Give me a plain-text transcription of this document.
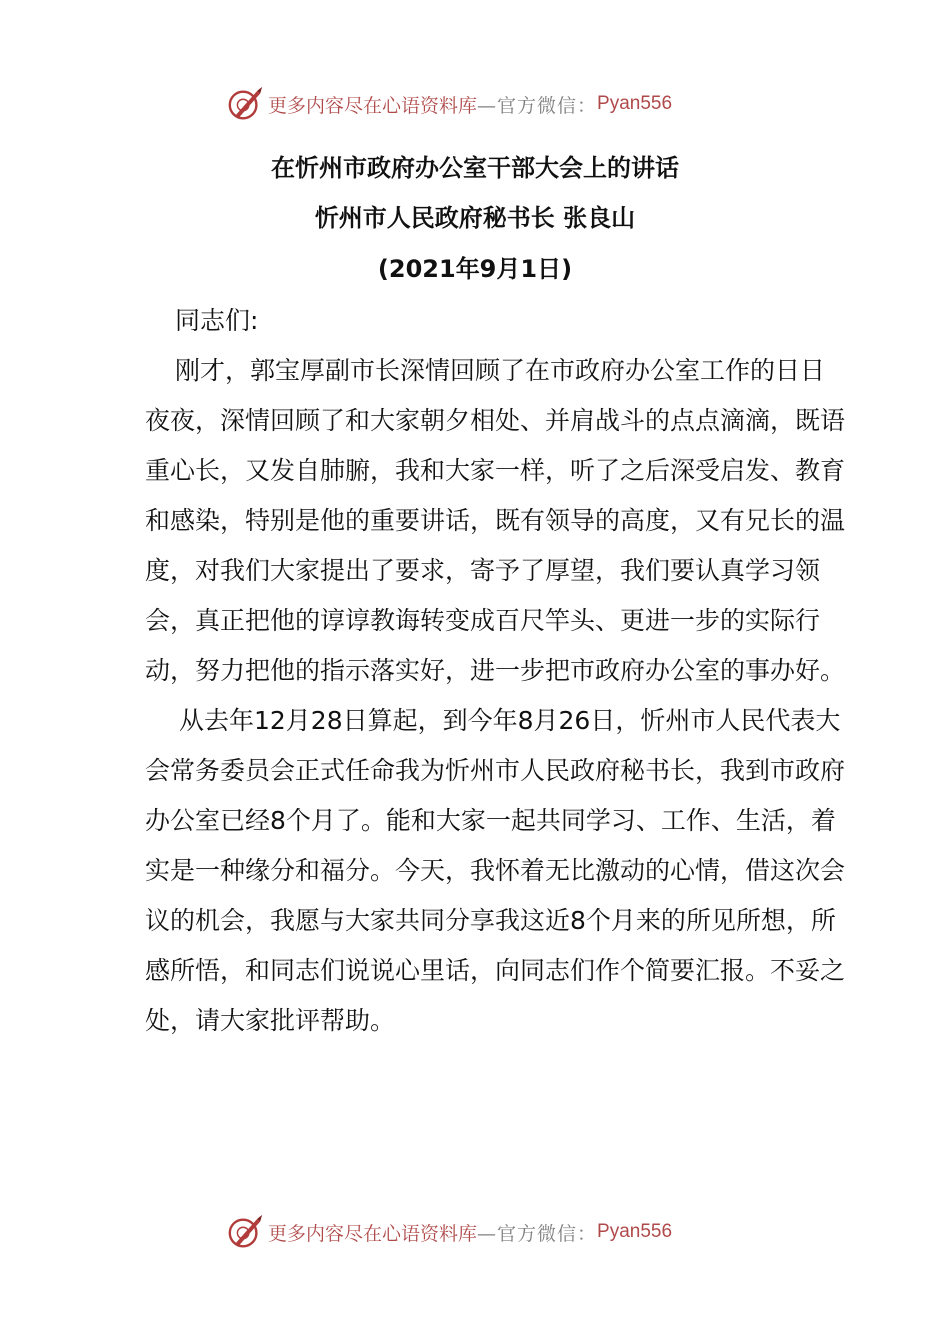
更多内容尽在心语资料库 —官方微信： Pyan556
在忻州市政府办公室干部大会上的讲话
忻州市人民政府秘书长 张良山
(2021年9月1日)

同志们:

刚才，郭宝厚副市长深情回顾了在市政府办公室工作的日日夜夜，深情回顾了和大家朝夕相处、并肩战斗的点点滴滴，既语重心长，又发自肺腑，我和大家一样，听了之后深受启发、教育和感染，特别是他的重要讲话，既有领导的高度，又有兄长的温度，对我们大家提出了要求，寄予了厚望，我们要认真学习领会，真正把他的谆谆教诲转变成百尺竿头、更进一步的实际行动，努力把他的指示落实好，进一步把市政府办公室的事办好。

从去年12月28日算起，到今年8月26日，忻州市人民代表大会常务委员会正式任命我为忻州市人民政府秘书长，我到市政府办公室已经8个月了。能和大家一起共同学习、工作、生活，着实是一种缘分和福分。今天，我怀着无比激动的心情，借这次会议的机会，我愿与大家共同分享我这近8个月来的所见所想，所感所悟，和同志们说说心里话，向同志们作个简要汇报。不妥之处，请大家批评帮助。

更多内容尽在心语资料库 —官方微信： Pyan556
